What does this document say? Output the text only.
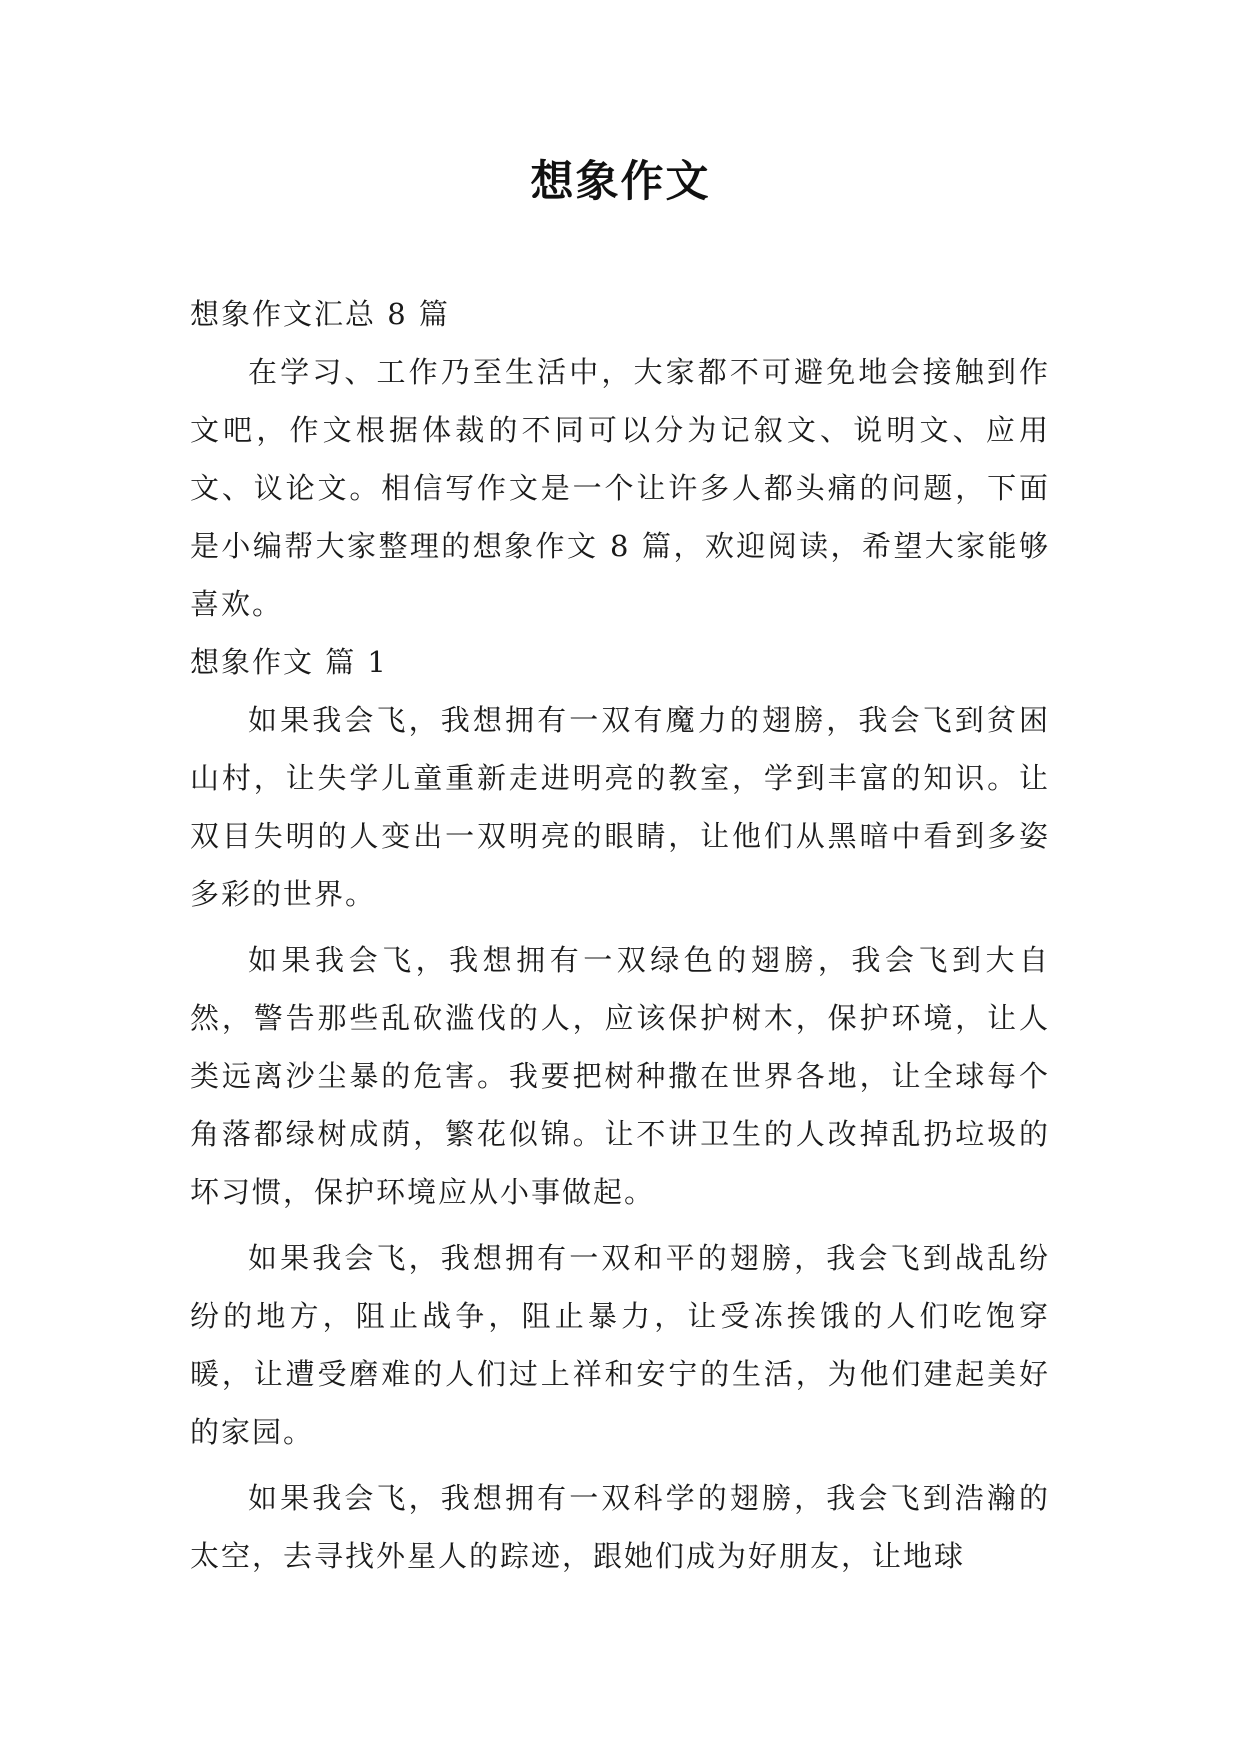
想象作文

想象作文汇总 8 篇

在学习、工作乃至生活中，大家都不可避免地会接触到作文吧，作文根据体裁的不同可以分为记叙文、说明文、应用文、议论文。相信写作文是一个让许多人都头痛的问题，下面是小编帮大家整理的想象作文 8 篇，欢迎阅读，希望大家能够喜欢。

想象作文 篇 1

如果我会飞，我想拥有一双有魔力的翅膀，我会飞到贫困山村，让失学儿童重新走进明亮的教室，学到丰富的知识。让双目失明的人变出一双明亮的眼睛，让他们从黑暗中看到多姿多彩的世界。

如果我会飞，我想拥有一双绿色的翅膀，我会飞到大自然，警告那些乱砍滥伐的人，应该保护树木，保护环境，让人类远离沙尘暴的危害。我要把树种撒在世界各地，让全球每个角落都绿树成荫，繁花似锦。让不讲卫生的人改掉乱扔垃圾的坏习惯，保护环境应从小事做起。

如果我会飞，我想拥有一双和平的翅膀，我会飞到战乱纷纷的地方，阻止战争，阻止暴力，让受冻挨饿的人们吃饱穿暖，让遭受磨难的人们过上祥和安宁的生活，为他们建起美好的家园。

如果我会飞，我想拥有一双科学的翅膀，我会飞到浩瀚的太空，去寻找外星人的踪迹，跟她们成为好朋友，让地球
